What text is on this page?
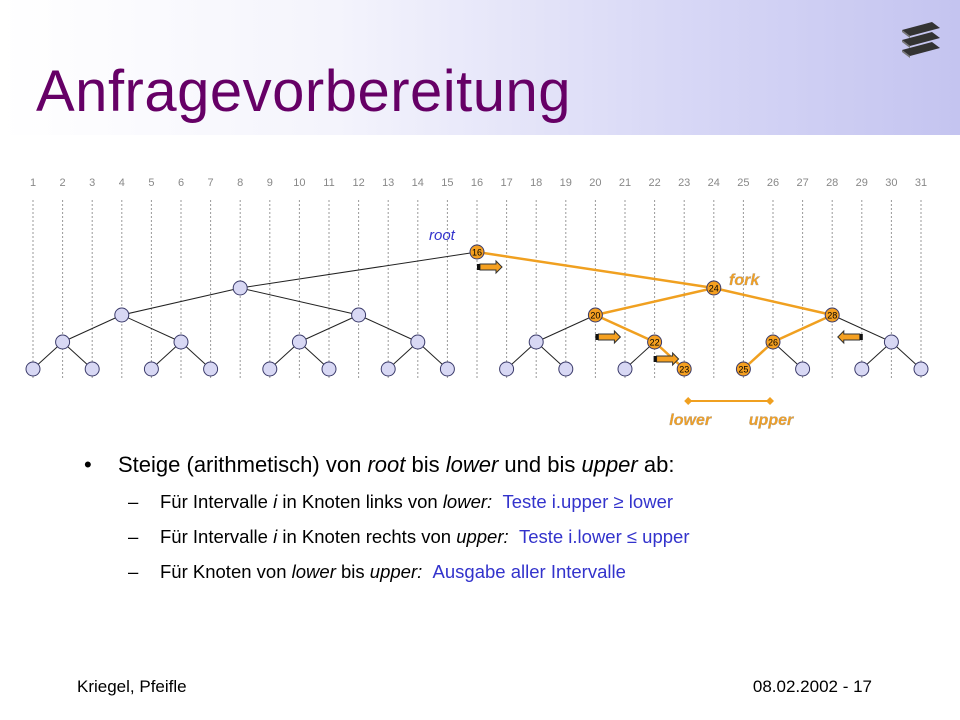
Anfragevorbereitung
1 2 3 4 5 6 7 8 9 10 11 12 13 14 15 16 17 18 19 20 21 22 23 24 25 26 27 28 29 30 31
16
20
22
23
24
25
26
28
root
fork
lower upper
• Steige (arithmetisch) von root bis lower und bis upper ab:
– Für Intervalle i in Knoten links von lower: Teste i.upper ≥ lower
– Für Intervalle i in Knoten rechts von upper: Teste i.lower ≤ upper
– Für Knoten von lower bis upper: Ausgabe aller Intervalle
Kriegel, Pfeifle	08.02.2002 - 17
